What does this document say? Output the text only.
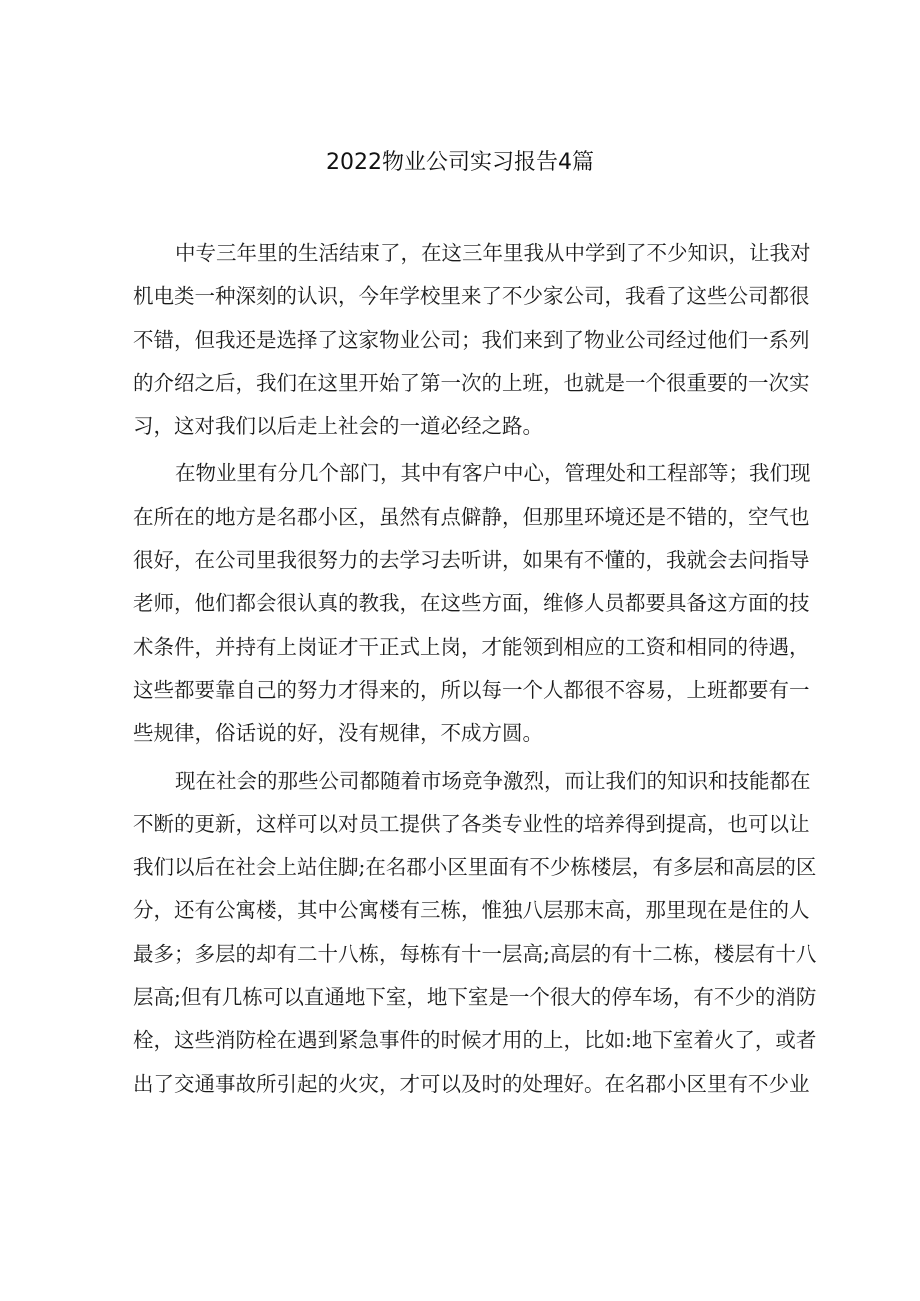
2022物业公司实习报告4篇
中专三年里的生活结束了，在这三年里我从中学到了不少知识，让我对
机电类一种深刻的认识，今年学校里来了不少家公司，我看了这些公司都很
不错，但我还是选择了这家物业公司；我们来到了物业公司经过他们一系列
的介绍之后，我们在这里开始了第一次的上班，也就是一个很重要的一次实
习，这对我们以后走上社会的一道必经之路。
在物业里有分几个部门，其中有客户中心，管理处和工程部等；我们现
在所在的地方是名郡小区，虽然有点僻静，但那里环境还是不错的，空气也
很好，在公司里我很努力的去学习去听讲，如果有不懂的，我就会去问指导
老师，他们都会很认真的教我，在这些方面，维修人员都要具备这方面的技
术条件，并持有上岗证才干正式上岗，才能领到相应的工资和相同的待遇，
这些都要靠自己的努力才得来的，所以每一个人都很不容易，上班都要有一
些规律，俗话说的好，没有规律，不成方圆。
现在社会的那些公司都随着市场竞争激烈，而让我们的知识和技能都在
不断的更新，这样可以对员工提供了各类专业性的培养得到提高，也可以让
我们以后在社会上站住脚;在名郡小区里面有不少栋楼层，有多层和高层的区
分，还有公寓楼，其中公寓楼有三栋，惟独八层那末高，那里现在是住的人
最多；多层的却有二十八栋，每栋有十一层高;高层的有十二栋，楼层有十八
层高;但有几栋可以直通地下室，地下室是一个很大的停车场，有不少的消防
栓，这些消防栓在遇到紧急事件的时候才用的上，比如:地下室着火了，或者
出了交通事故所引起的火灾，才可以及时的处理好。在名郡小区里有不少业
